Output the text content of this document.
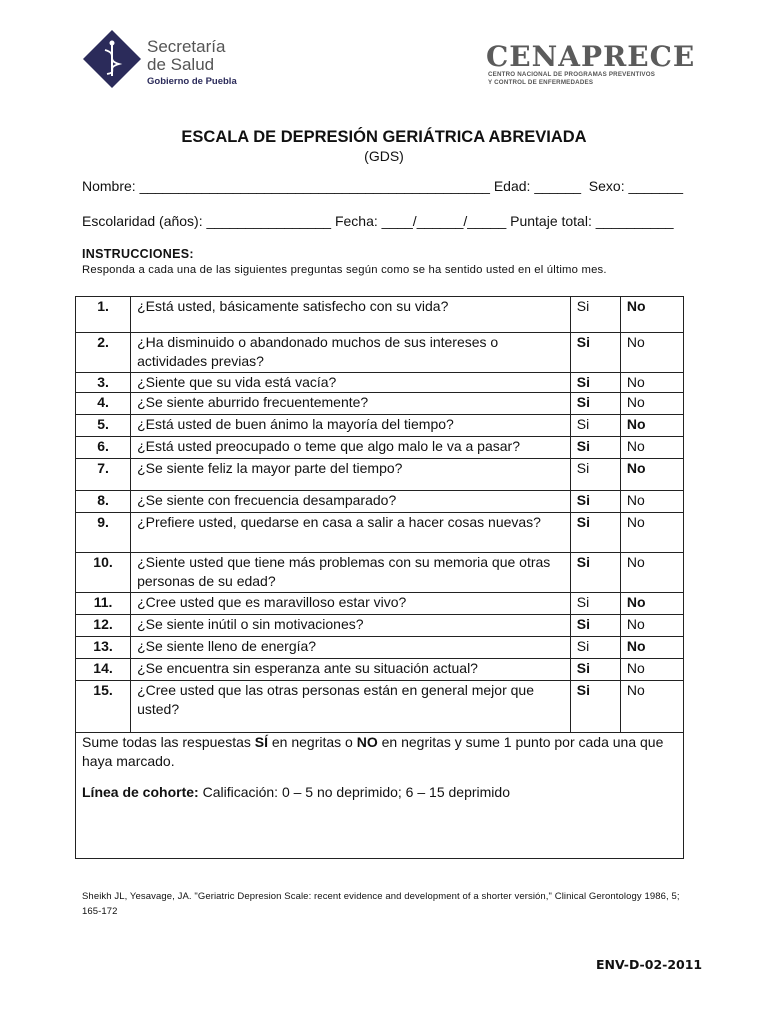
Secretaría
de Salud
Gobierno de Puebla
CENAPRECE
CENTRO NACIONAL DE PROGRAMAS PREVENTIVOS
Y CONTROL DE ENFERMEDADES
ESCALA DE DEPRESIÓN GERIÁTRICA ABREVIADA
(GDS)
Nombre: _____________________________________________ Edad: ______  Sexo: _______
Escolaridad (años): ________________ Fecha: ____/______/_____ Puntaje total: __________
INSTRUCCIONES:
Responda a cada una de las siguientes preguntas según como se ha sentido usted en el último mes.
1.	¿Está usted, básicamente satisfecho con su vida?	Si	No
2.	¿Ha disminuido o abandonado muchos de sus intereses o actividades previas?	Si	No
3.	¿Siente que su vida está vacía?	Si	No
4.	¿Se siente aburrido frecuentemente?	Si	No
5.	¿Está usted de buen ánimo la mayoría del tiempo?	Si	No
6.	¿Está usted preocupado o teme que algo malo le va a pasar?	Si	No
7.	¿Se siente feliz la mayor parte del tiempo?	Si	No
8.	¿Se siente con frecuencia desamparado?	Si	No
9.	¿Prefiere usted, quedarse en casa a salir a hacer cosas nuevas?	Si	No
10.	¿Siente usted que tiene más problemas con su memoria que otras personas de su edad?	Si	No
11.	¿Cree usted que es maravilloso estar vivo?	Si	No
12.	¿Se siente inútil o sin motivaciones?	Si	No
13.	¿Se siente lleno de energía?	Si	No
14.	¿Se encuentra sin esperanza ante su situación actual?	Si	No
15.	¿Cree usted que las otras personas están en general mejor que usted?	Si	No

Sume todas las respuestas SÍ en negritas o NO en negritas y sume 1 punto por cada una que haya marcado.
Línea de cohorte: Calificación: 0 – 5 no deprimido; 6 – 15 deprimido			
Sheikh JL, Yesavage, JA. "Geriatric Depresion Scale: recent evidence and development of a shorter versión," Clinical Gerontology 1986, 5; 165-172
ENV-D-02-2011
